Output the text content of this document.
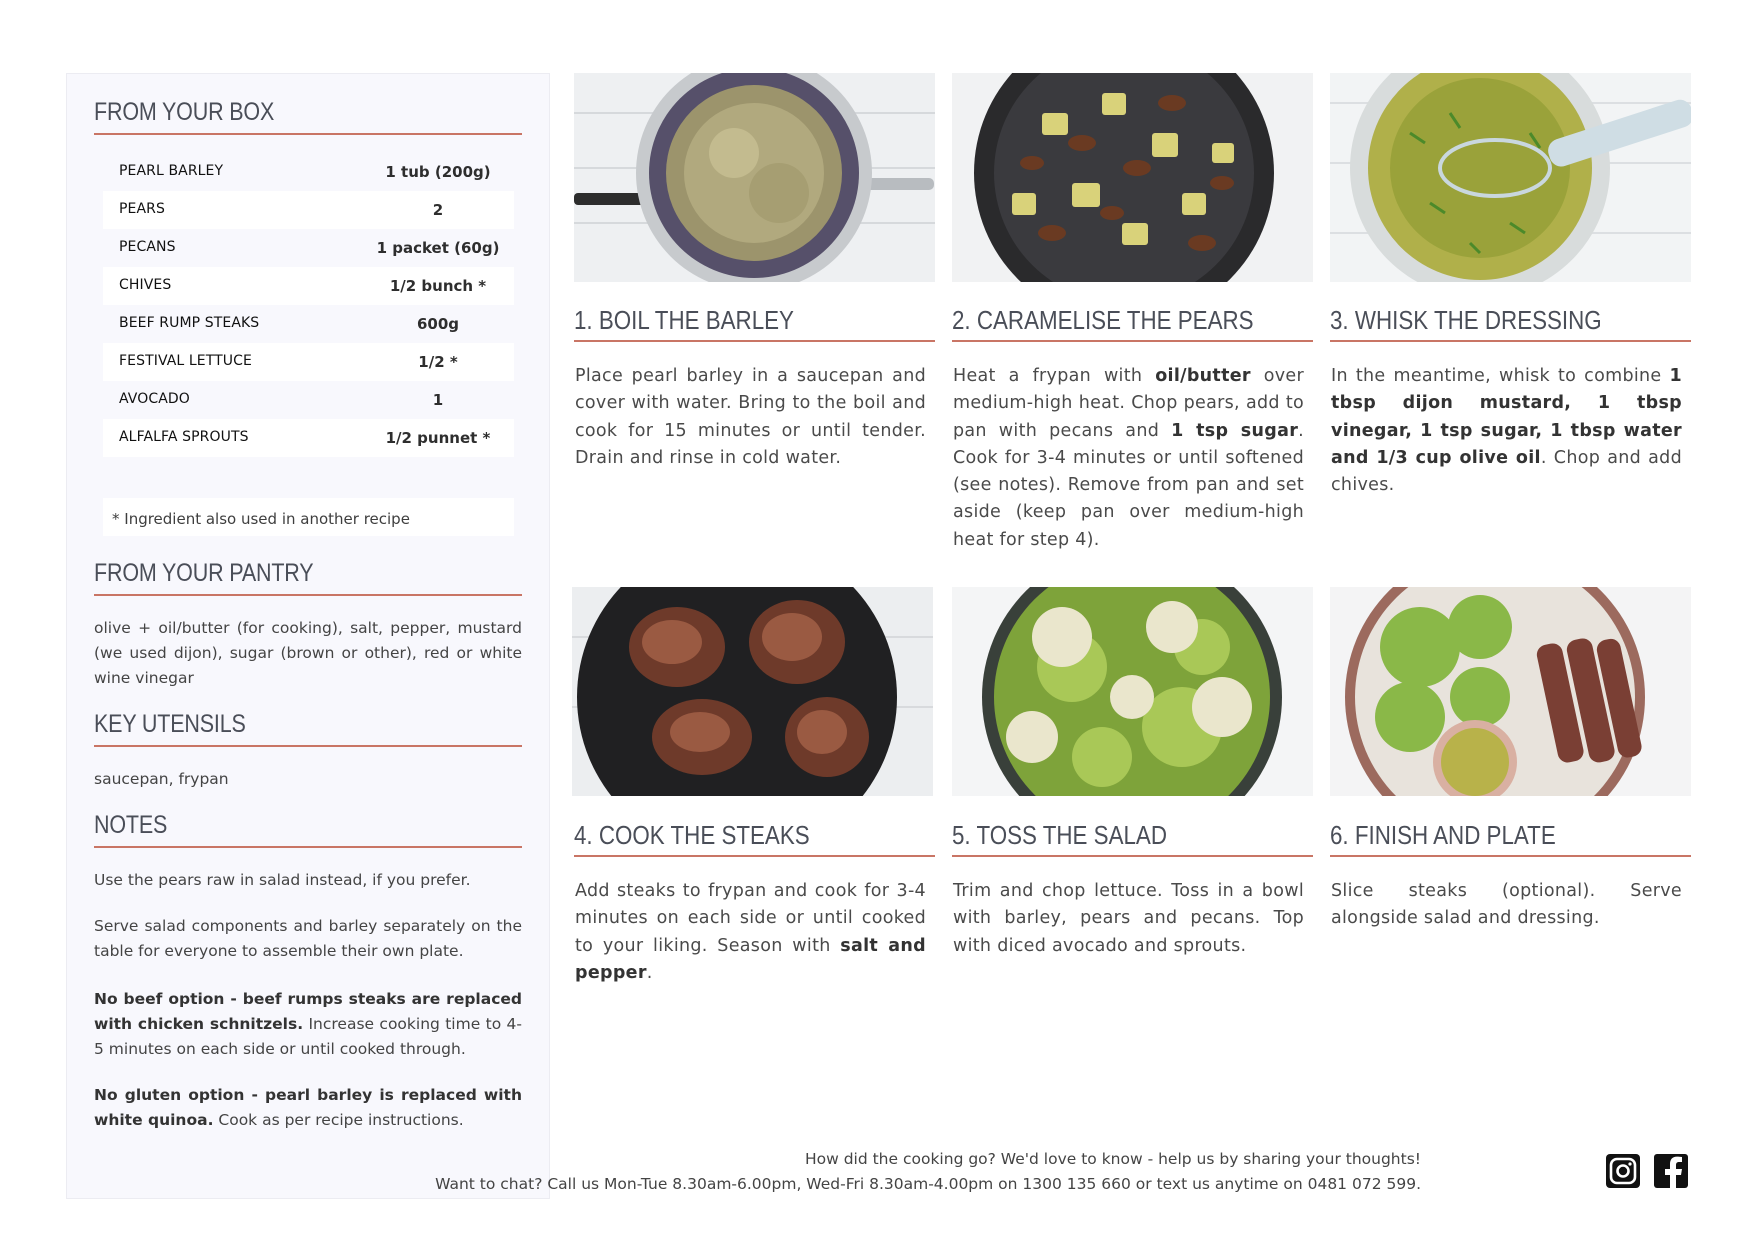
FROM YOUR BOX
PEARL BARLEY	1 tub (200g)
PEARS	2
PECANS	1 packet (60g)
CHIVES	1/2 bunch *
BEEF RUMP STEAKS	600g
FESTIVAL LETTUCE	1/2 *
AVOCADO	1
ALFALFA SPROUTS	1/2 punnet *
* Ingredient also used in another recipe
FROM YOUR PANTRY
olive + oil/butter (for cooking), salt, pepper, mustard (we used dijon), sugar (brown or other), red or white wine vinegar
KEY UTENSILS
saucepan, frypan
NOTES
Use the pears raw in salad instead, if you prefer.
Serve salad components and barley separately on the table for everyone to assemble their own plate.
No beef option - beef rumps steaks are replaced with chicken schnitzels. Increase cooking time to 4-5 minutes on each side or until cooked through.
No gluten option - pearl barley is replaced with white quinoa. Cook as per recipe instructions.
1. BOIL THE BARLEY
Place pearl barley in a saucepan and cover with water. Bring to the boil and cook for 15 minutes or until tender. Drain and rinse in cold water.
2. CARAMELISE THE PEARS
Heat a frypan with oil/butter over medium-high heat. Chop pears, add to pan with pecans and 1 tsp sugar. Cook for 3-4 minutes or until softened (see notes). Remove from pan and set aside (keep pan over medium-high heat for step 4).
3. WHISK THE DRESSING
In the meantime, whisk to combine 1 tbsp dijon mustard, 1 tbsp vinegar, 1 tsp sugar, 1 tbsp water and 1/3 cup olive oil. Chop and add chives.
4. COOK THE STEAKS
Add steaks to frypan and cook for 3-4 minutes on each side or until cooked to your liking. Season with salt and pepper.
5. TOSS THE SALAD
Trim and chop lettuce. Toss in a bowl with barley, pears and pecans. Top with diced avocado and sprouts.
6. FINISH AND PLATE
Slice steaks (optional). Serve alongside salad and dressing.
How did the cooking go? We'd love to know - help us by sharing your thoughts!
Want to chat? Call us Mon-Tue 8.30am-6.00pm, Wed-Fri 8.30am-4.00pm on 1300 135 660 or text us anytime on 0481 072 599.
